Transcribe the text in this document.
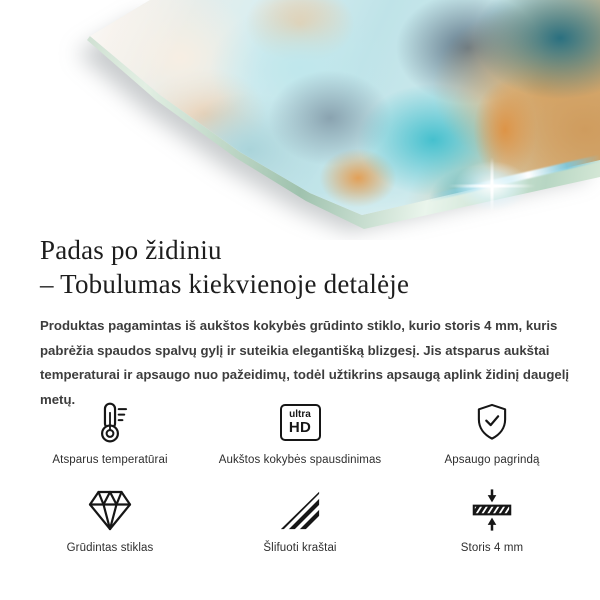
Padas po židiniu
– Tobulumas kiekvienoje detalėje

Produktas pagamintas iš aukštos kokybės grūdinto stiklo, kurio storis 4 mm, kuris pabrėžia spaudos spalvų gylį ir suteikia elegantišką blizgesį. Jis atsparus aukštai temperaturai ir apsaugo nuo pažeidimų, todėl užtikrins apsaugą aplink židinį daugelį metų.

Atsparus temperatūrai
ultra
HD
Aukštos kokybės spausdinimas	Apsaugo pagrindą
Grūdintas stiklas	Šlifuoti kraštai	Storis 4 mm
